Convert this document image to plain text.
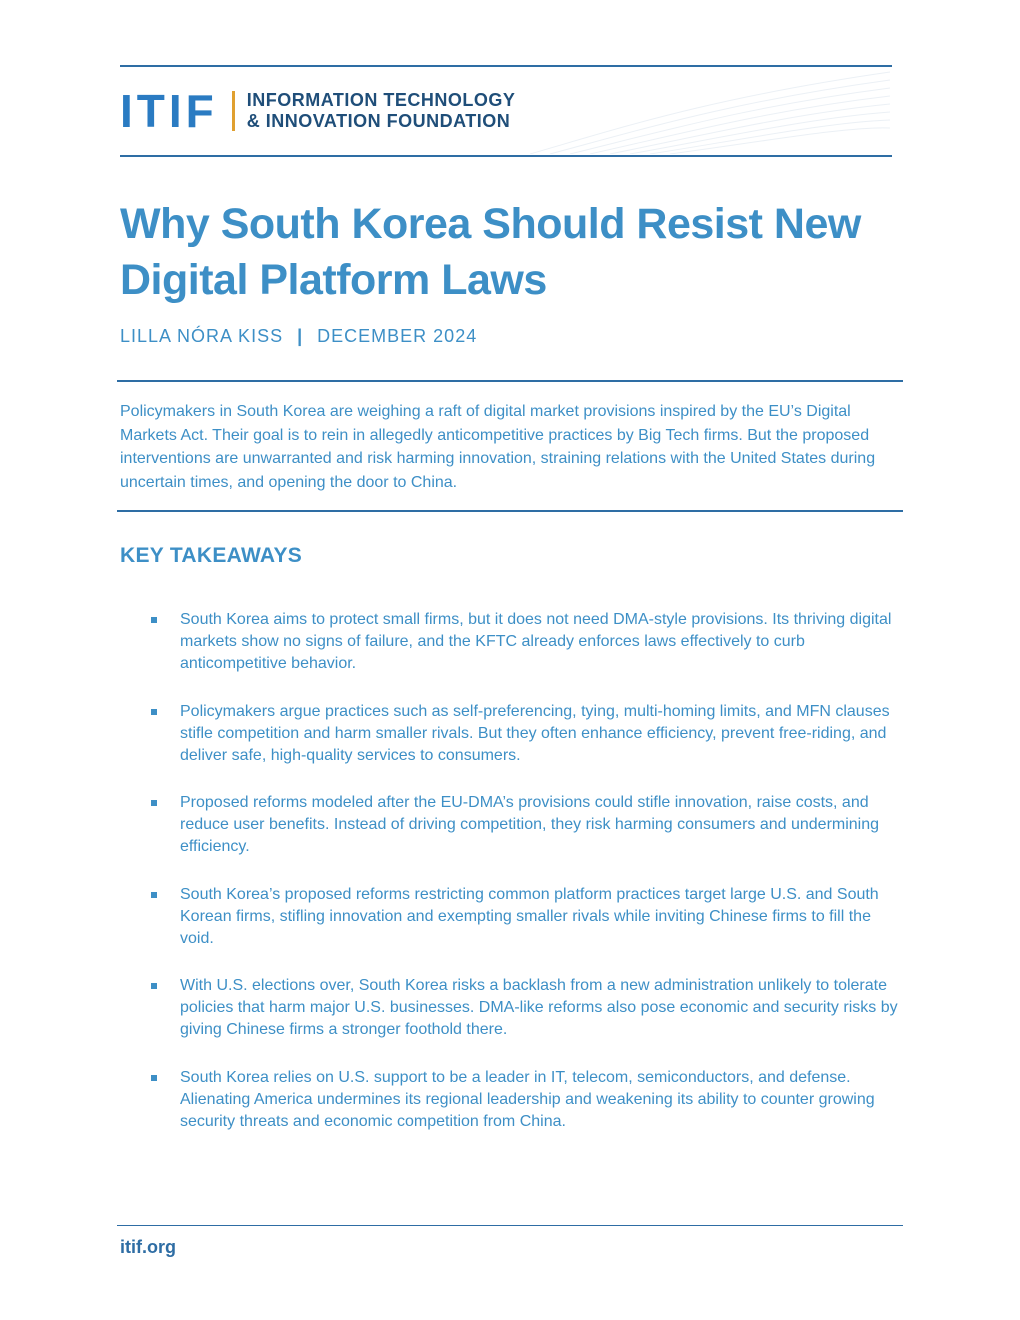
ITIF INFORMATION TECHNOLOGY
& INNOVATION FOUNDATION
Why South Korea Should Resist New Digital Platform Laws
LILLA NÓRA KISS | DECEMBER 2024

Policymakers in South Korea are weighing a raft of digital market provisions inspired by the EU’s Digital Markets Act. Their goal is to rein in allegedly anticompetitive practices by Big Tech firms. But the proposed interventions are unwarranted and risk harming innovation, straining relations with the United States during uncertain times, and opening the door to China.

KEY TAKEAWAYS
South Korea aims to protect small firms, but it does not need DMA-style provisions. Its thriving digital markets show no signs of failure, and the KFTC already enforces laws effectively to curb anticompetitive behavior.
Policymakers argue practices such as self-preferencing, tying, multi-homing limits, and MFN clauses stifle competition and harm smaller rivals. But they often enhance efficiency, prevent free-riding, and deliver safe, high-quality services to consumers.
Proposed reforms modeled after the EU-DMA’s provisions could stifle innovation, raise costs, and reduce user benefits. Instead of driving competition, they risk harming consumers and undermining efficiency.
South Korea’s proposed reforms restricting common platform practices target large U.S. and South Korean firms, stifling innovation and exempting smaller rivals while inviting Chinese firms to fill the void.
With U.S. elections over, South Korea risks a backlash from a new administration unlikely to tolerate policies that harm major U.S. businesses. DMA-like reforms also pose economic and security risks by giving Chinese firms a stronger foothold there.
South Korea relies on U.S. support to be a leader in IT, telecom, semiconductors, and defense. Alienating America undermines its regional leadership and weakening its ability to counter growing security threats and economic competition from China.
itif.org
